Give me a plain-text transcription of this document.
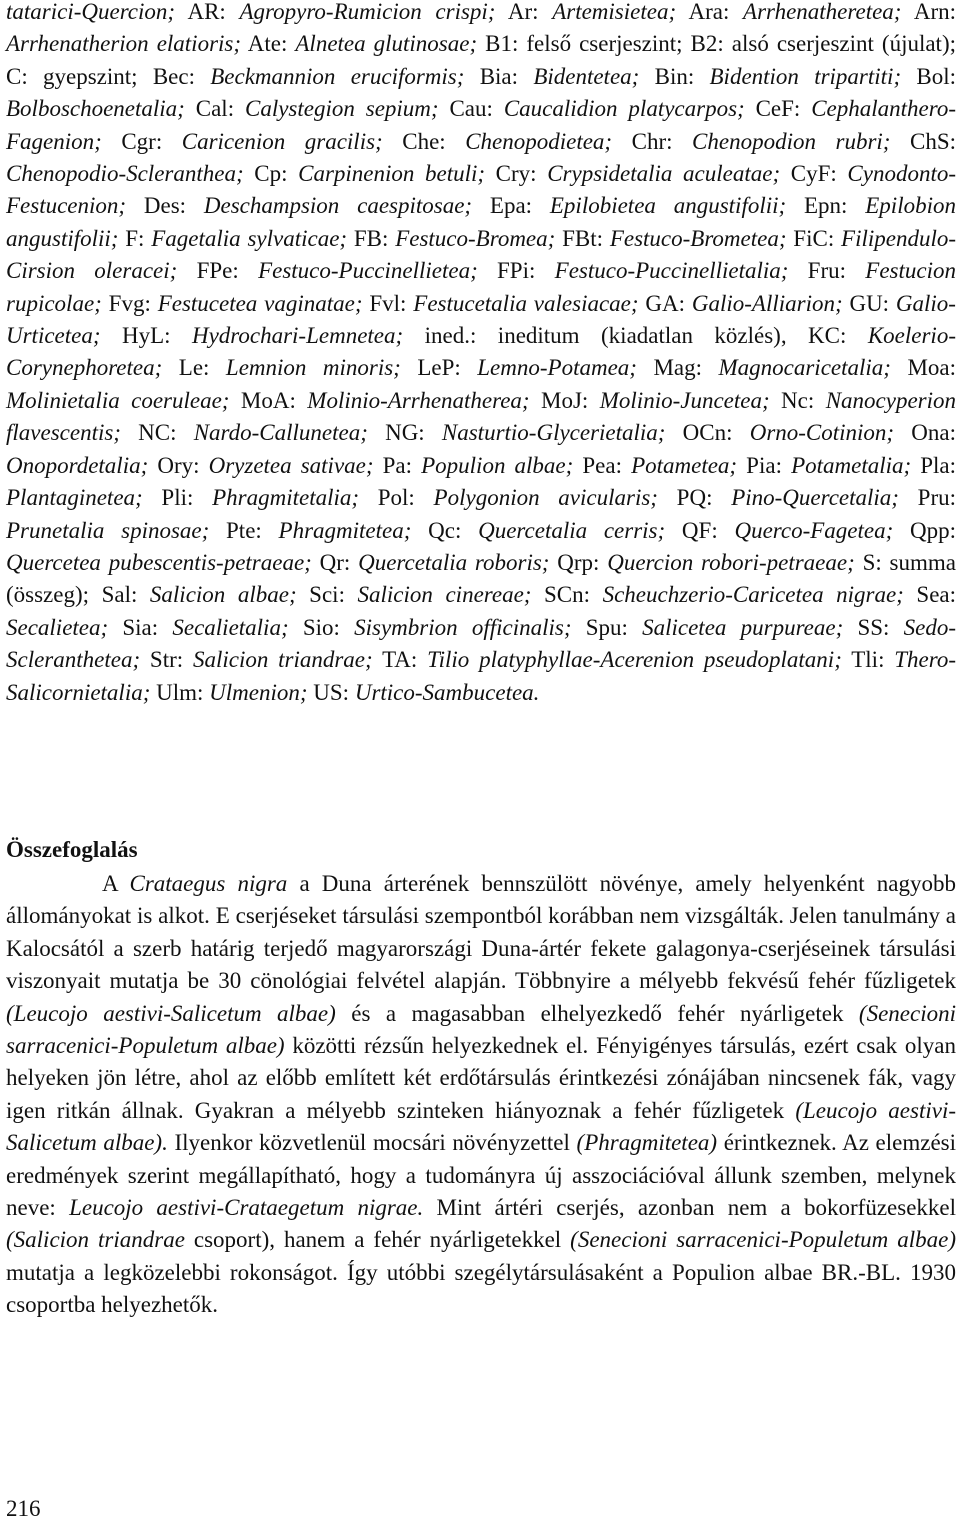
tatarici-Quercion; AR: Agropyro-Rumicion crispi; Ar: Artemisietea; Ara: Arrhenatheretea; Arn: Arrhenatherion elatioris; Ate: Alnetea glutinosae; B1: felső cserjeszint; B2: alsó cserjeszint (újulat); C: gyepszint; Bec: Beckmannion eruciformis; Bia: Bidentetea; Bin: Bidention tripartiti; Bol: Bolboschoenetalia; Cal: Calystegion sepium; Cau: Caucalidion platycarpos; CeF: Cephalanthero-Fagenion; Cgr: Caricenion gracilis; Che: Chenopodietea; Chr: Chenopodion rubri; ChS: Chenopodio-Scleranthea; Cp: Carpinenion betuli; Cry: Crypsidetalia aculeatae; CyF: Cynodonto-Festucenion; Des: Deschampsion caespitosae; Epa: Epilobietea angustifolii; Epn: Epilobion angustifolii; F: Fagetalia sylvaticae; FB: Festuco-Bromea; FBt: Festuco-Brometea; FiC: Filipendulo-Cirsion oleracei; FPe: Festuco-Puccinellietea; FPi: Festuco-Puccinellietalia; Fru: Festucion rupicolae; Fvg: Festucetea vaginatae; Fvl: Festucetalia valesiacae; GA: Galio-Alliarion; GU: Galio-Urticetea; HyL: Hydrochari-Lemnetea; ined.: ineditum (kiadatlan közlés), KC: Koelerio-Corynephoretea; Le: Lemnion minoris; LeP: Lemno-Potamea; Mag: Magnocaricetalia; Moa: Molinietalia coeruleae; MoA: Molinio-Arrhenatherea; MoJ: Molinio-Juncetea; Nc: Nanocyperion flavescentis; NC: Nardo-Callunetea; NG: Nasturtio-Glycerietalia; OCn: Orno-Cotinion; Ona: Onopordetalia; Ory: Oryzetea sativae; Pa: Populion albae; Pea: Potametea; Pia: Potametalia; Pla: Plantaginetea; Pli: Phragmitetalia; Pol: Polygonion avicularis; PQ: Pino-Quercetalia; Pru: Prunetalia spinosae; Pte: Phragmitetea; Qc: Quercetalia cerris; QF: Querco-Fagetea; Qpp: Quercetea pubescentis-petraeae; Qr: Quercetalia roboris; Qrp: Quercion robori-petraeae; S: summa (összeg); Sal: Salicion albae; Sci: Salicion cinereae; SCn: Scheuchzerio-Caricetea nigrae; Sea: Secalietea; Sia: Secalietalia; Sio: Sisymbrion officinalis; Spu: Salicetea purpureae; SS: Sedo-Scleranthetea; Str: Salicion triandrae; TA: Tilio platyphyllae-Acerenion pseudoplatani; Tli: Thero-Salicornietalia; Ulm: Ulmenion; US: Urtico-Sambucetea.

Összefoglalás

A Crataegus nigra a Duna árterének bennszülött növénye, amely helyenként nagyobb állományokat is alkot. E cserjéseket társulási szempontból korábban nem vizsgálták. Jelen tanulmány a Kalocsától a szerb határig terjedő magyarországi Duna-ártér fekete galagonya-cserjéseinek társulási viszonyait mutatja be 30 cönológiai felvétel alapján. Többnyire a mélyebb fekvésű fehér fűzligetek (Leucojo aestivi-Salicetum albae) és a magasabban elhelyezkedő fehér nyárligetek (Senecioni sarracenici-Populetum albae) közötti rézsűn helyezkednek el. Fényigényes társulás, ezért csak olyan helyeken jön létre, ahol az előbb említett két erdőtársulás érintkezési zónájában nincsenek fák, vagy igen ritkán állnak. Gyakran a mélyebb szinteken hiányoznak a fehér fűzligetek (Leucojo aestivi-Salicetum albae). Ilyenkor közvetlenül mocsári növényzettel (Phragmitetea) érintkeznek. Az elemzési eredmények szerint megállapítható, hogy a tudományra új asszociációval állunk szemben, melynek neve: Leucojo aestivi-Crataegetum nigrae. Mint ártéri cserjés, azonban nem a bokorfüzesekkel (Salicion triandrae csoport), hanem a fehér nyárligetekkel (Senecioni sarracenici-Populetum albae) mutatja a legközelebbi rokonságot. Így utóbbi szegélytársulásaként a Populion albae BR.-BL. 1930 csoportba helyezhetők.

216
